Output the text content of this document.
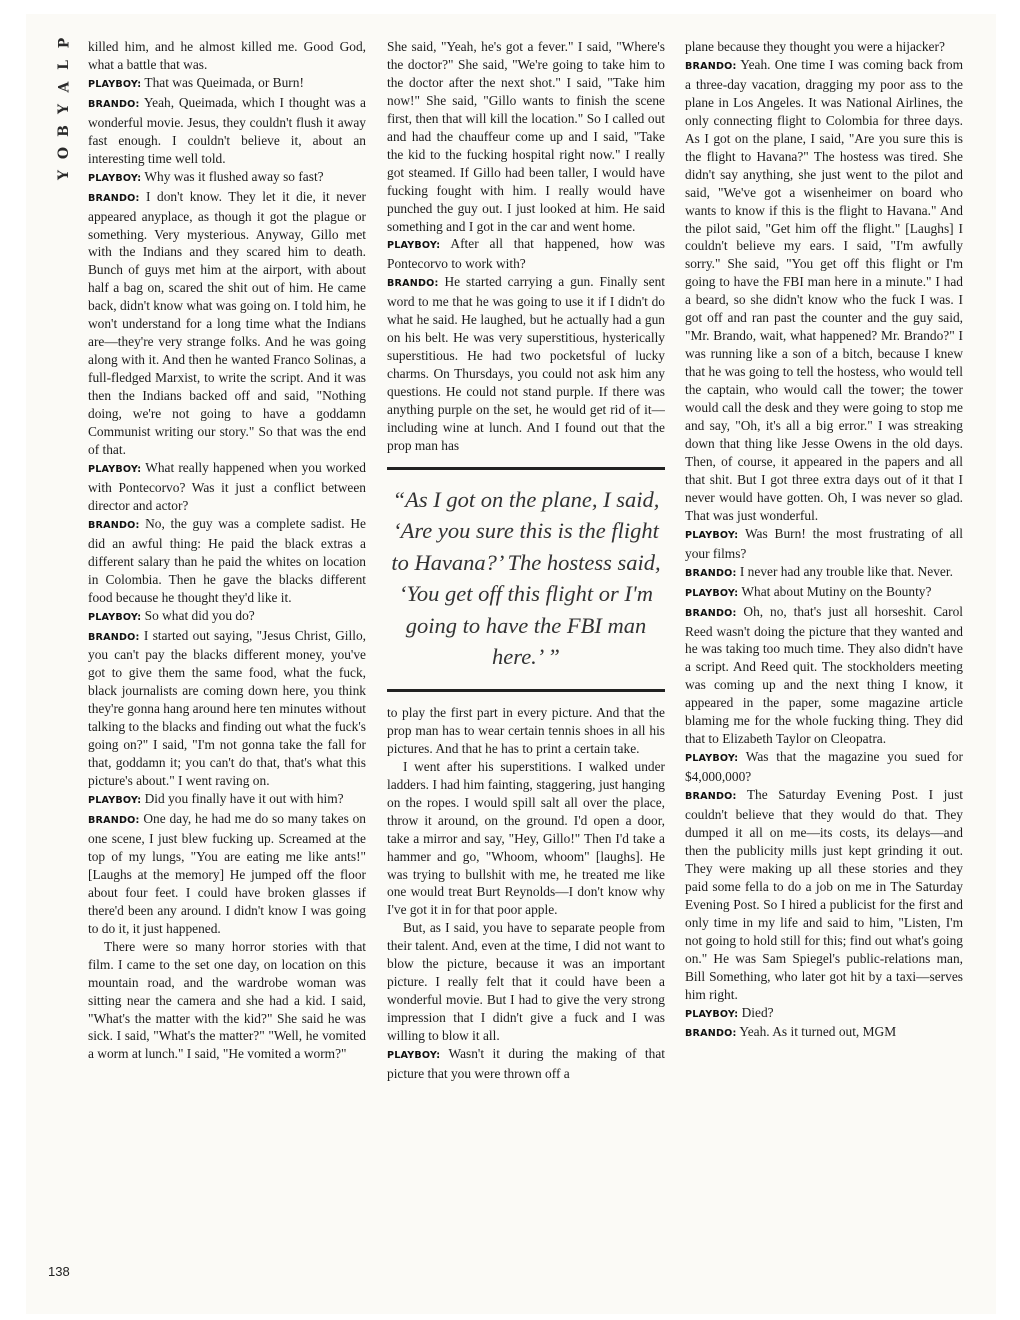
P
L
A
Y
B
O
Y
138

killed him, and he almost killed me. Good God, what a battle that was.

PLAYBOY: That was Queimada, or Burn!

BRANDO: Yeah, Queimada, which I thought was a wonderful movie. Jesus, they couldn't flush it away fast enough. I couldn't believe it, about an interesting time well told.

PLAYBOY: Why was it flushed away so fast?

BRANDO: I don't know. They let it die, it never appeared anyplace, as though it got the plague or something. Very mysterious. Anyway, Gillo met with the Indians and they scared him to death. Bunch of guys met him at the airport, with about half a bag on, scared the shit out of him. He came back, didn't know what was going on. I told him, he won't understand for a long time what the Indians are—they're very strange folks. And he was going along with it. And then he wanted Franco Solinas, a full-fledged Marxist, to write the script. And it was then the Indians backed off and said, "Nothing doing, we're not going to have a goddamn Communist writing our story." So that was the end of that.

PLAYBOY: What really happened when you worked with Pontecorvo? Was it just a conflict between director and actor?

BRANDO: No, the guy was a complete sadist. He did an awful thing: He paid the black extras a different salary than he paid the whites on location in Colombia. Then he gave the blacks different food because he thought they'd like it.

PLAYBOY: So what did you do?

BRANDO: I started out saying, "Jesus Christ, Gillo, you can't pay the blacks different money, you've got to give them the same food, what the fuck, black journalists are coming down here, you think they're gonna hang around here ten minutes without talking to the blacks and finding out what the fuck's going on?" I said, "I'm not gonna take the fall for that, goddamn it; you can't do that, that's what this picture's about." I went raving on.

PLAYBOY: Did you finally have it out with him?

BRANDO: One day, he had me do so many takes on one scene, I just blew fucking up. Screamed at the top of my lungs, "You are eating me like ants!" [Laughs at the memory] He jumped off the floor about four feet. I could have broken glasses if there'd been any around. I didn't know I was going to do it, it just happened.

There were so many horror stories with that film. I came to the set one day, on location on this mountain road, and the wardrobe woman was sitting near the camera and she had a kid. I said, "What's the matter with the kid?" She said he was sick. I said, "What's the matter?" "Well, he vomited a worm at lunch." I said, "He vomited a worm?"

She said, "Yeah, he's got a fever." I said, "Where's the doctor?" She said, "We're going to take him to the doctor after the next shot." I said, "Take him now!" She said, "Gillo wants to finish the scene first, then that will kill the location." So I called out and had the chauffeur come up and I said, "Take the kid to the fucking hospital right now." I really got steamed. If Gillo had been taller, I would have fucking fought with him. I really would have punched the guy out. I just looked at him. He said something and I got in the car and went home.

PLAYBOY: After all that happened, how was Pontecorvo to work with?

BRANDO: He started carrying a gun. Finally sent word to me that he was going to use it if I didn't do what he said. He laughed, but he actually had a gun on his belt. He was very superstitious, hysterically superstitious. He had two pocketsful of lucky charms. On Thursdays, you could not ask him any questions. He could not stand purple. If there was anything purple on the set, he would get rid of it—including wine at lunch. And I found out that the prop man has

“As I got on the plane, I said, ‘Are you sure this is the flight to Havana?’ The hostess said, ‘You get off this flight or I'm going to have the FBI man here.’ ”

to play the first part in every picture. And that the prop man has to wear certain tennis shoes in all his pictures. And that he has to print a certain take.

I went after his superstitions. I walked under ladders. I had him fainting, staggering, just hanging on the ropes. I would spill salt all over the place, throw it around, on the ground. I'd open a door, take a mirror and say, "Hey, Gillo!" Then I'd take a hammer and go, "Whoom, whoom" [laughs]. He was trying to bullshit with me, he treated me like one would treat Burt Reynolds—I don't know why I've got it in for that poor apple.

But, as I said, you have to separate people from their talent. And, even at the time, I did not want to blow the picture, because it was an important picture. I really felt that it could have been a wonderful movie. But I had to give the very strong impression that I didn't give a fuck and I was willing to blow it all.

PLAYBOY: Wasn't it during the making of that picture that you were thrown off a

plane because they thought you were a hijacker?

BRANDO: Yeah. One time I was coming back from a three-day vacation, dragging my poor ass to the plane in Los Angeles. It was National Airlines, the only connecting flight to Colombia for three days. As I got on the plane, I said, "Are you sure this is the flight to Havana?" The hostess was tired. She didn't say anything, she just went to the pilot and said, "We've got a wisenheimer on board who wants to know if this is the flight to Havana." And the pilot said, "Get him off the flight." [Laughs] I couldn't believe my ears. I said, "I'm awfully sorry." She said, "You get off this flight or I'm going to have the FBI man here in a minute." I had a beard, so she didn't know who the fuck I was. I got off and ran past the counter and the guy said, "Mr. Brando, wait, what happened? Mr. Brando?" I was running like a son of a bitch, because I knew that he was going to tell the hostess, who would tell the captain, who would call the tower; the tower would call the desk and they were going to stop me and say, "Oh, it's all a big error." I was streaking down that thing like Jesse Owens in the old days. Then, of course, it appeared in the papers and all that shit. But I got three extra days out of it that I never would have gotten. Oh, I was never so glad. That was just wonderful.

PLAYBOY: Was Burn! the most frustrating of all your films?

BRANDO: I never had any trouble like that. Never.

PLAYBOY: What about Mutiny on the Bounty?

BRANDO: Oh, no, that's just all horseshit. Carol Reed wasn't doing the picture that they wanted and he was taking too much time. They also didn't have a script. And Reed quit. The stockholders meeting was coming up and the next thing I know, it appeared in the paper, some magazine article blaming me for the whole fucking thing. They did that to Elizabeth Taylor on Cleopatra.

PLAYBOY: Was that the magazine you sued for $4,000,000?

BRANDO: The Saturday Evening Post. I just couldn't believe that they would do that. They dumped it all on me—its costs, its delays—and then the publicity mills just kept grinding it out. They were making up all these stories and they paid some fella to do a job on me in The Saturday Evening Post. So I hired a publicist for the first and only time in my life and said to him, "Listen, I'm not going to hold still for this; find out what's going on." He was Sam Spiegel's public-relations man, Bill Something, who later got hit by a taxi—serves him right.

PLAYBOY: Died?

BRANDO: Yeah. As it turned out, MGM
